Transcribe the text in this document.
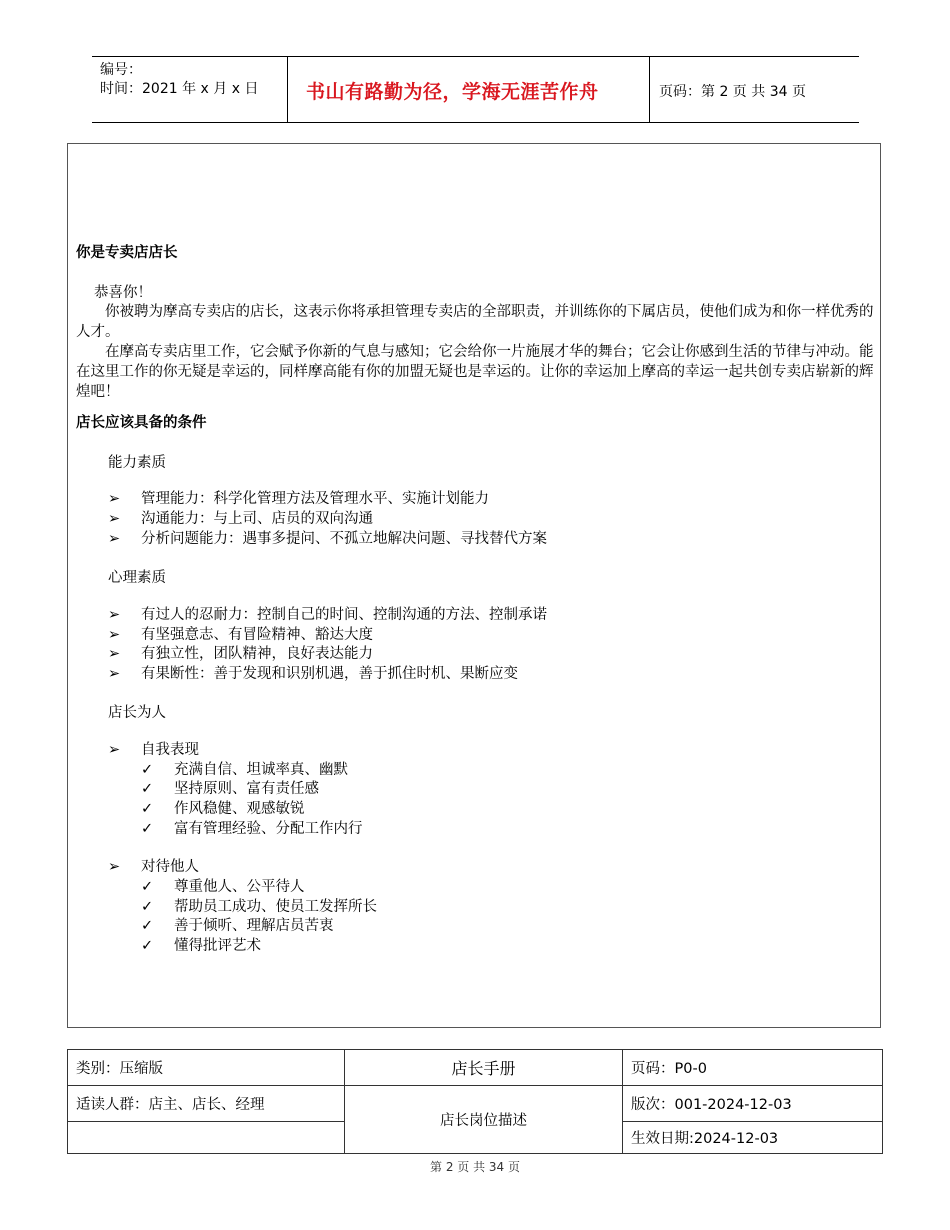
编号：
时间：2021 年 x 月 x 日	书山有路勤为径，学海无涯苦作舟	页码：第 2 页 共 34 页
你是专卖店店长
恭喜你！

你被聘为摩高专卖店的店长，这表示你将承担管理专卖店的全部职责，并训练你的下属店员，使他们成为和你一样优秀的人才。

在摩高专卖店里工作，它会赋予你新的气息与感知；它会给你一片施展才华的舞台；它会让你感到生活的节律与冲动。能在这里工作的你无疑是幸运的，同样摩高能有你的加盟无疑也是幸运的。让你的幸运加上摩高的幸运一起共创专卖店崭新的辉煌吧！

店长应该具备的条件
能力素质
➢ 管理能力：科学化管理方法及管理水平、实施计划能力
➢ 沟通能力：与上司、店员的双向沟通
➢ 分析问题能力：遇事多提问、不孤立地解决问题、寻找替代方案
心理素质
➢ 有过人的忍耐力：控制自己的时间、控制沟通的方法、控制承诺
➢ 有坚强意志、有冒险精神、豁达大度
➢ 有独立性，团队精神，良好表达能力
➢ 有果断性：善于发现和识别机遇，善于抓住时机、果断应变
店长为人
➢ 自我表现
✓ 充满自信、坦诚率真、幽默
✓ 坚持原则、富有责任感
✓ 作风稳健、观感敏锐
✓ 富有管理经验、分配工作内行
➢ 对待他人
✓ 尊重他人、公平待人
✓ 帮助员工成功、使员工发挥所长
✓ 善于倾听、理解店员苦衷
✓ 懂得批评艺术
类别：压缩版	店长手册	页码：P0-0
适读人群：店主、店长、经理	店长岗位描述	版次：001-2024-12-03
		生效日期:2024-12-03
第 2 页 共 34 页
